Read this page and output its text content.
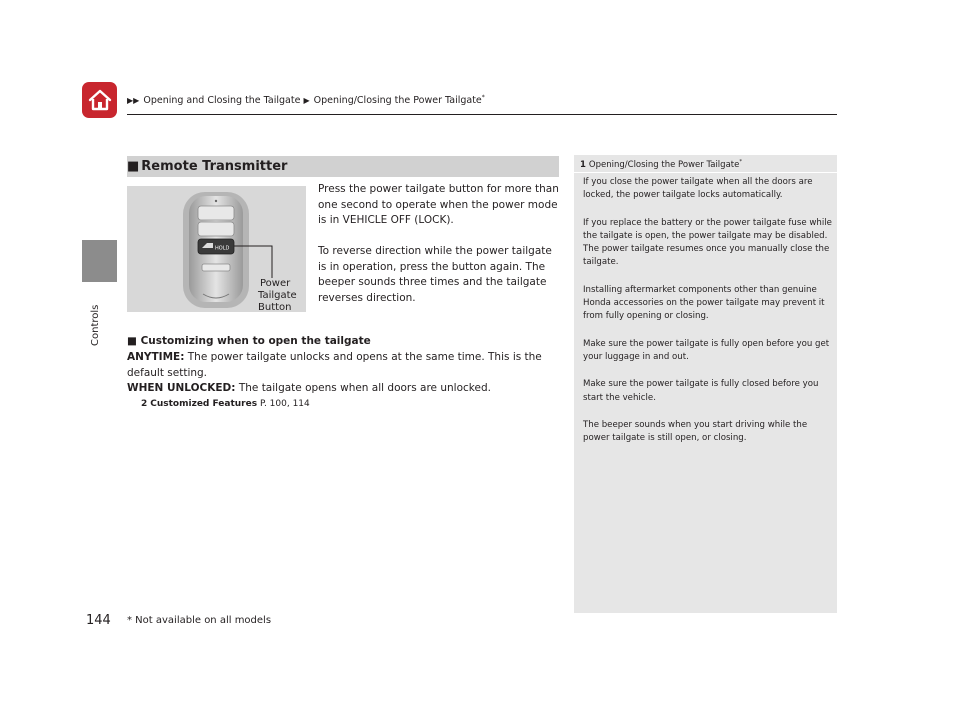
▶▶ Opening and Closing the Tailgate ▶ Opening/Closing the Power Tailgate*
Controls
■ Remote Transmitter
HOLD
Power
Tailgate
Button
Press the power tailgate button for more than one second to operate when the power mode is in VEHICLE OFF (LOCK).
To reverse direction while the power tailgate is in operation, press the button again. The beeper sounds three times and the tailgate reverses direction.
■ Customizing when to open the tailgate
ANYTIME: The power tailgate unlocks and opens at the same time. This is the default setting.
WHEN UNLOCKED: The tailgate opens when all doors are unlocked.
2 Customized Features P. 100, 114
1 Opening/Closing the Power Tailgate*

If you close the power tailgate when all the doors are locked, the power tailgate locks automatically.

If you replace the battery or the power tailgate fuse while the tailgate is open, the power tailgate may be disabled. The power tailgate resumes once you manually close the tailgate.

Installing aftermarket components other than genuine Honda accessories on the power tailgate may prevent it from fully opening or closing.

Make sure the power tailgate is fully open before you get your luggage in and out.

Make sure the power tailgate is fully closed before you start the vehicle.

The beeper sounds when you start driving while the power tailgate is still open, or closing.

144 * Not available on all models
